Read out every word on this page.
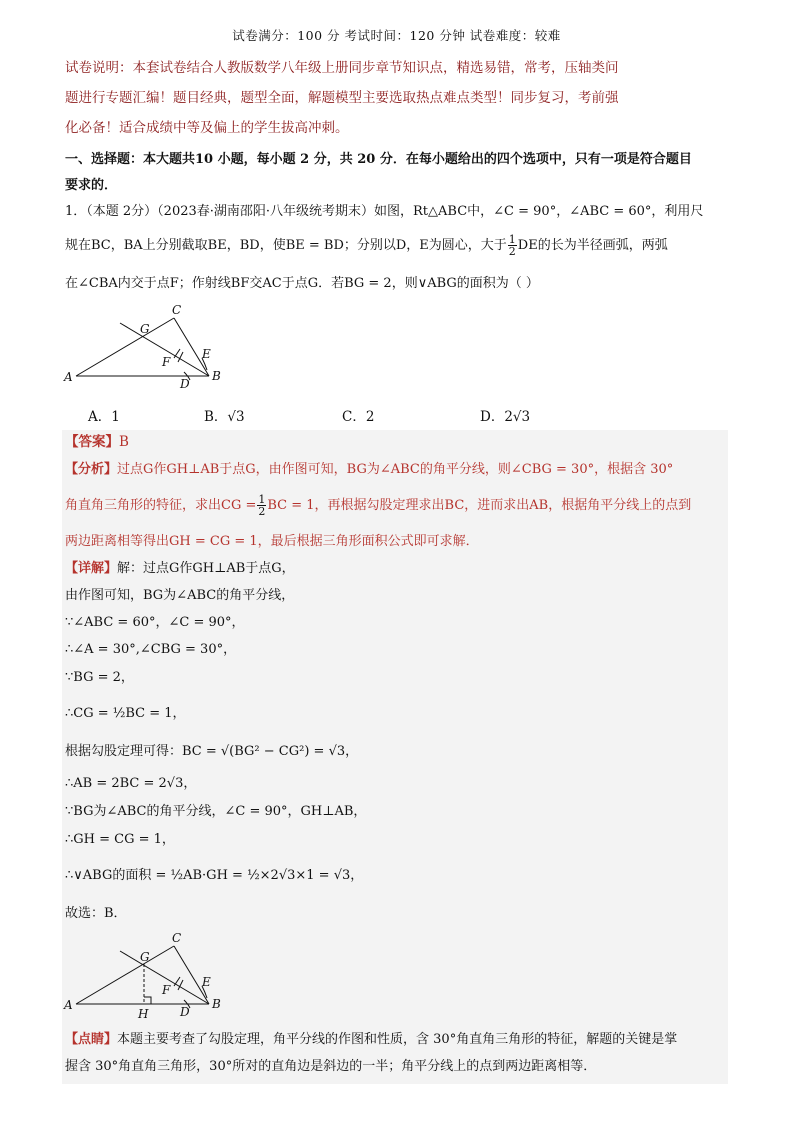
试卷满分：100 分 考试时间：120 分钟 试卷难度：较难
试卷说明：本套试卷结合人教版数学八年级上册同步章节知识点，精选易错，常考，压轴类问
题进行专题汇编！题目经典，题型全面，解题模型主要选取热点难点类型！同步复习，考前强
化必备！适合成绩中等及偏上的学生拔高冲刺。
一、选择题：本大题共10 小题，每小题 2 分，共 20 分．在每小题给出的四个选项中，只有一项是符合题目
要求的．
1．（本题 2分）（2023春·湖南邵阳·八年级统考期末）如图，Rt△ABC中，∠C = 90°，∠ABC = 60°，利用尺
规在BC，BA上分别截取BE，BD，使BE = BD；分别以D，E为圆心，大于 $\frac{1}{2}$ DE的长为半径画弧，两弧
在∠CBA内交于点F；作射线BF交AC于点G．若BG = 2，则∨ABG的面积为（ ）
A	B
C
D
E
F
G
A．1	B．√3	C．2	D．2√3
【答案】B
【分析】过点G作GH⊥AB于点G，由作图可知，BG为∠ABC的角平分线，则∠CBG = 30°，根据含 30°
角直角三角形的特征，求出CG = $\frac{1}{2}$ BC = 1，再根据勾股定理求出BC，进而求出AB，根据角平分线上的点到
两边距离相等得出GH = CG = 1，最后根据三角形面积公式即可求解．
【详解】解：过点G作GH⊥AB于点G，
由作图可知，BG为∠ABC的角平分线，
∵∠ABC = 60°，∠C = 90°，
∴∠A = 30°,∠CBG = 30°，
∵BG = 2，
∴CG = ½BC = 1，
根据勾股定理可得：BC = √(BG² − CG²) = √3，
∴AB = 2BC = 2√3，
∵BG为∠ABC的角平分线，∠C = 90°，GH⊥AB，
∴GH = CG = 1，
∴∨ABG的面积 = ½AB·GH = ½×2√3×1 = √3，
故选：B．
A	B
C
D
E
F
G
H
【点睛】本题主要考查了勾股定理，角平分线的作图和性质，含 30°角直角三角形的特征，解题的关键是掌
握含 30°角直角三角形，30°所对的直角边是斜边的一半；角平分线上的点到两边距离相等．
